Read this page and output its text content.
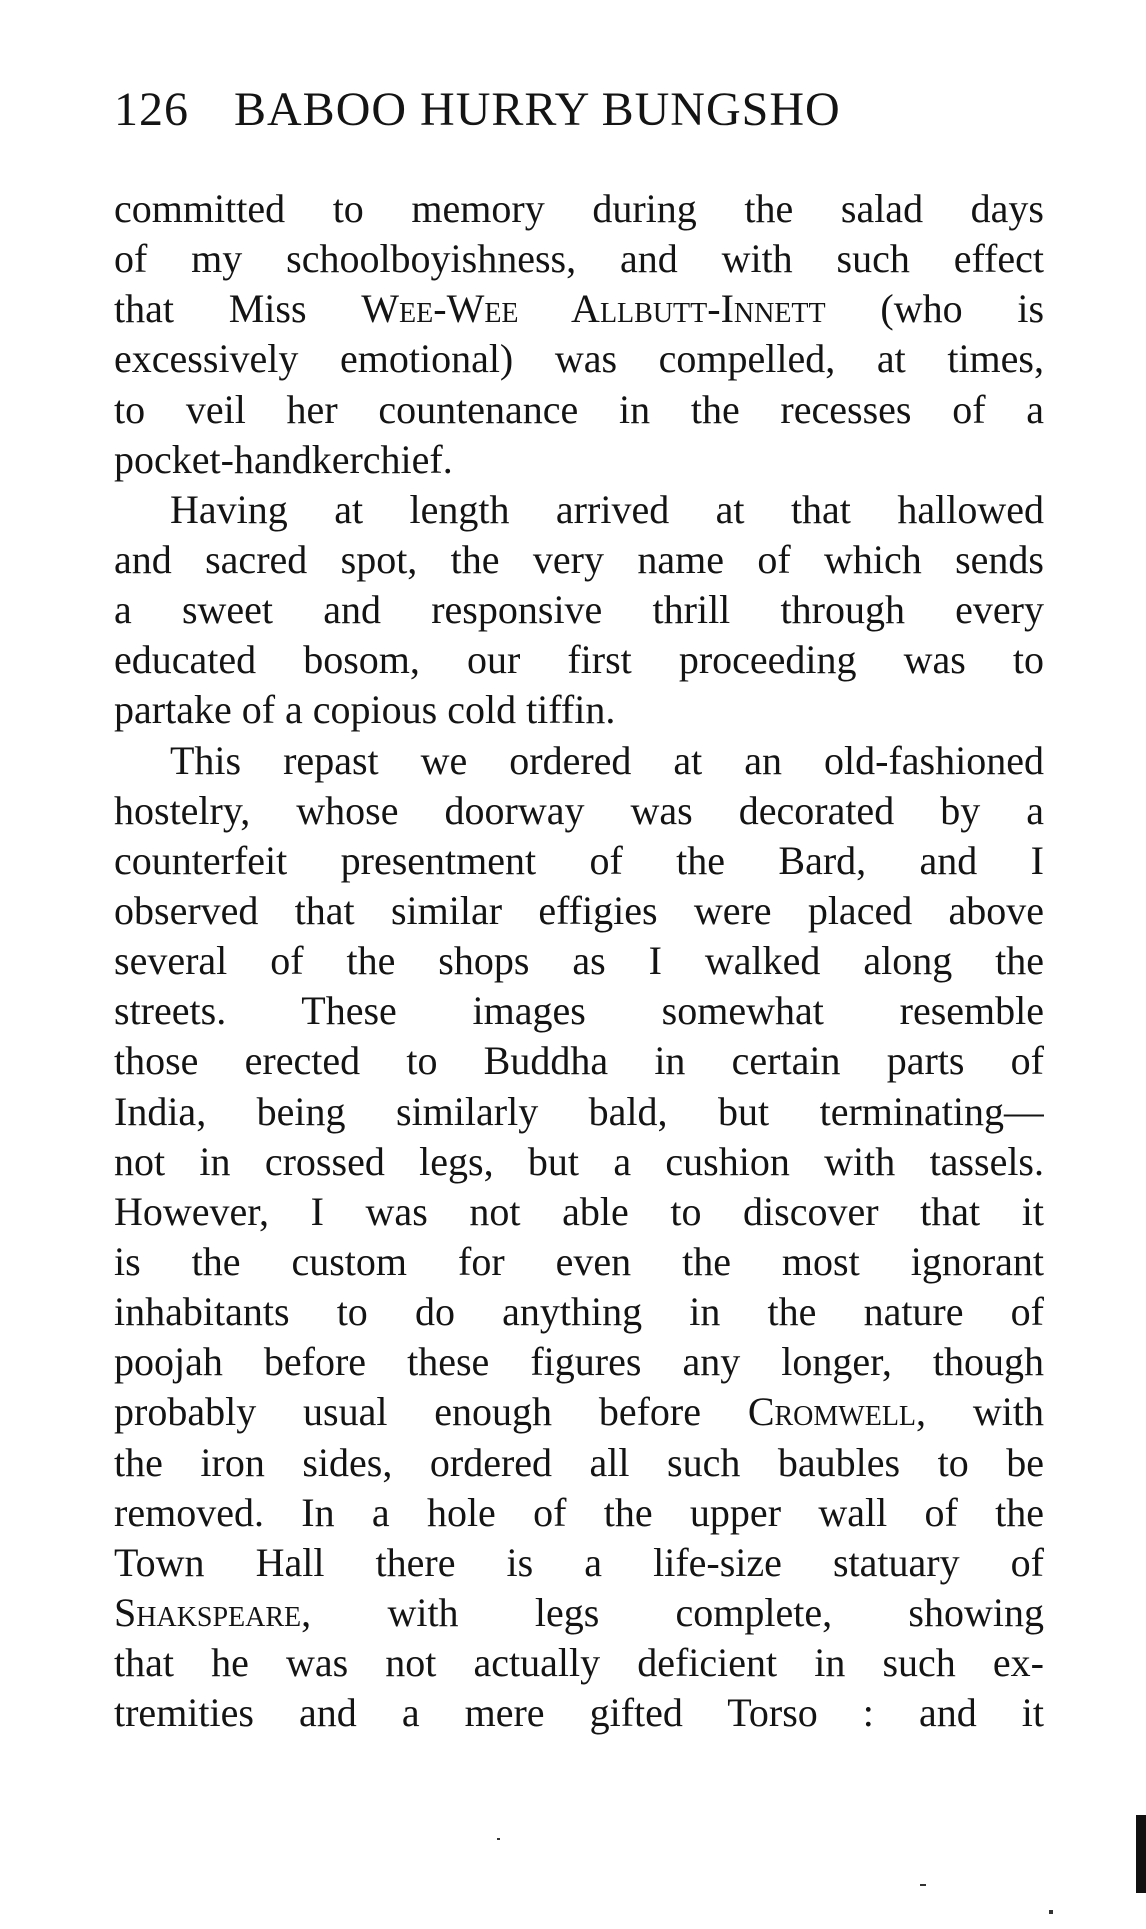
126 BABOO HURRY BUNGSHO
committed to memory during the salad days
of my schoolboyishness, and with such effect
that Miss Wee-Wee Allbutt-Innett (who is
excessively emotional) was compelled, at times,
to veil her countenance in the recesses of a
pocket-handkerchief.
Having at length arrived at that hallowed
and sacred spot, the very name of which sends
a sweet and responsive thrill through every
educated bosom, our first proceeding was to
partake of a copious cold tiffin.
This repast we ordered at an old-fashioned
hostelry, whose doorway was decorated by a
counterfeit presentment of the Bard, and I
observed that similar effigies were placed above
several of the shops as I walked along the
streets. These images somewhat resemble
those erected to Buddha in certain parts of
India, being similarly bald, but terminating—
not in crossed legs, but a cushion with tassels.
However, I was not able to discover that it
is the custom for even the most ignorant
inhabitants to do anything in the nature of
poojah before these figures any longer, though
probably usual enough before Cromwell, with
the iron sides, ordered all such baubles to be
removed. In a hole of the upper wall of the
Town Hall there is a life-size statuary of
Shakspeare, with legs complete, showing
that he was not actually deficient in such ex-
tremities and a mere gifted Torso : and it
